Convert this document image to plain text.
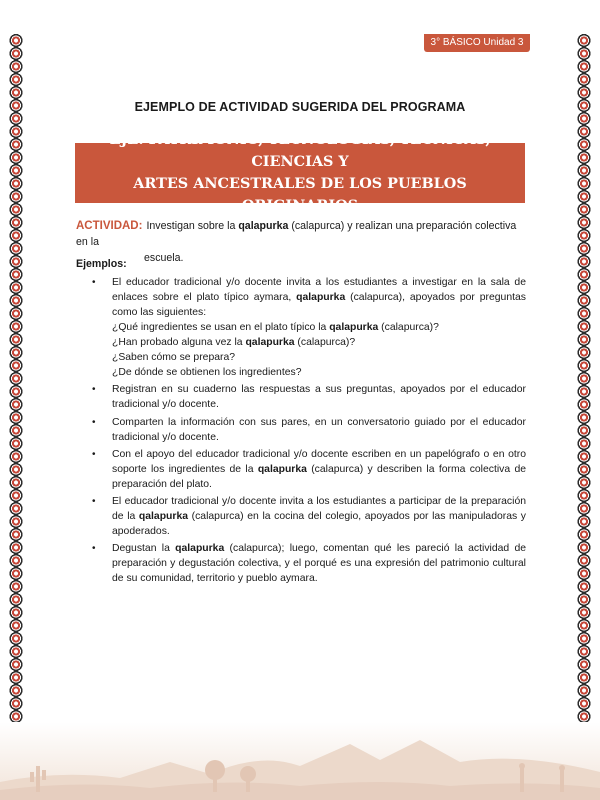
3° BÁSICO Unidad 3
EJEMPLO DE ACTIVIDAD SUGERIDA DEL PROGRAMA
EJE: PATRIMONIO, TECNOLOGÍAS, TÉCNICAS, CIENCIAS Y
ARTES ANCESTRALES DE LOS PUEBLOS ORIGINARIOS
ACTIVIDAD: Investigan sobre la qalapurka (calapurca) y realizan una preparación colectiva en la
escuela.
Ejemplos:
• El educador tradicional y/o docente invita a los estudiantes a investigar en la sala de enlaces sobre el plato típico aymara, qalapurka (calapurca), apoyados por preguntas como las siguientes:
¿Qué ingredientes se usan en el plato típico la qalapurka (calapurca)?
¿Han probado alguna vez la qalapurka (calapurca)?
¿Saben cómo se prepara?
¿De dónde se obtienen los ingredientes?
• Registran en su cuaderno las respuestas a sus preguntas, apoyados por el educador tradicional y/o docente.
• Comparten la información con sus pares, en un conversatorio guiado por el educador tradicional y/o docente.
• Con el apoyo del educador tradicional y/o docente escriben en un papelógrafo o en otro soporte los ingredientes de la qalapurka (calapurca) y describen la forma colectiva de preparación del plato.
• El educador tradicional y/o docente invita a los estudiantes a participar de la preparación de la qalapurka (calapurca) en la cocina del colegio, apoyados por las manipuladoras y apoderados.
• Degustan la qalapurka (calapurca); luego, comentan qué les pareció la actividad de preparación y degustación colectiva, y el porqué es una expresión del patrimonio cultural de su comunidad, territorio y pueblo aymara.
